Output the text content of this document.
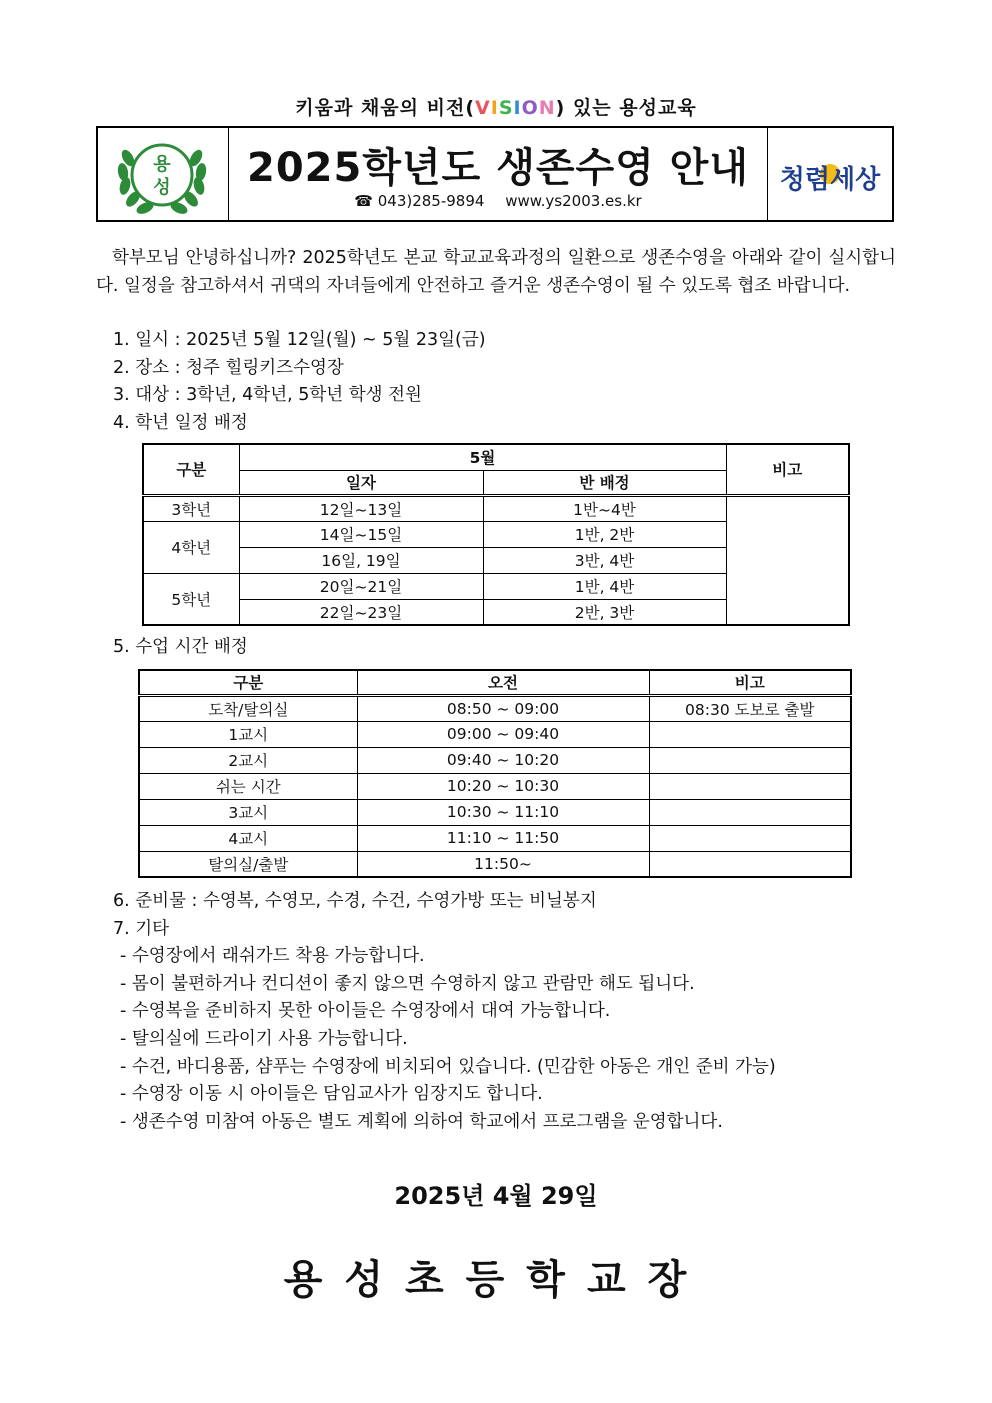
키움과 채움의 비전(VISION) 있는 용성교육
용
성	2025학년도 생존수영 안내
☎ 043)285-9894 www.ys2003.es.kr
청렴세상
학부모님 안녕하십니까? 2025학년도 본교 학교교육과정의 일환으로 생존수영을 아래와 같이 실시합니다. 일정을 참고하셔서 귀댁의 자녀들에게 안전하고 즐거운 생존수영이 될 수 있도록 협조 바랍니다.
1. 일시 : 2025년 5월 12일(월) ~ 5월 23일(금)
2. 장소 : 청주 힐링키즈수영장
3. 대상 : 3학년, 4학년, 5학년 학생 전원
4. 학년 일정 배정
구분	5월		비고
	일자	반 배정	
3학년	12일~13일	1반~4반	
4학년	14일~15일	1반, 2반	
	16일, 19일	3반, 4반	
5학년	20일~21일	1반, 4반	
	22일~23일	2반, 3반	
5. 수업 시간 배정
구분	오전	비고
도착/탈의실	08:50 ~ 09:00	08:30 도보로 출발
1교시	09:00 ~ 09:40	
2교시	09:40 ~ 10:20	
쉬는 시간	10:20 ~ 10:30	
3교시	10:30 ~ 11:10	
4교시	11:10 ~ 11:50	
탈의실/출발	11:50~	
6. 준비물 : 수영복, 수영모, 수경, 수건, 수영가방 또는 비닐봉지
7. 기타
- 수영장에서 래쉬가드 착용 가능합니다.
- 몸이 불편하거나 컨디션이 좋지 않으면 수영하지 않고 관람만 해도 됩니다.
- 수영복을 준비하지 못한 아이들은 수영장에서 대여 가능합니다.
- 탈의실에 드라이기 사용 가능합니다.
- 수건, 바디용품, 샴푸는 수영장에 비치되어 있습니다. (민감한 아동은 개인 준비 가능)
- 수영장 이동 시 아이들은 담임교사가 임장지도 합니다.
- 생존수영 미참여 아동은 별도 계획에 의하여 학교에서 프로그램을 운영합니다.
2025년 4월 29일
용성초등학교장
